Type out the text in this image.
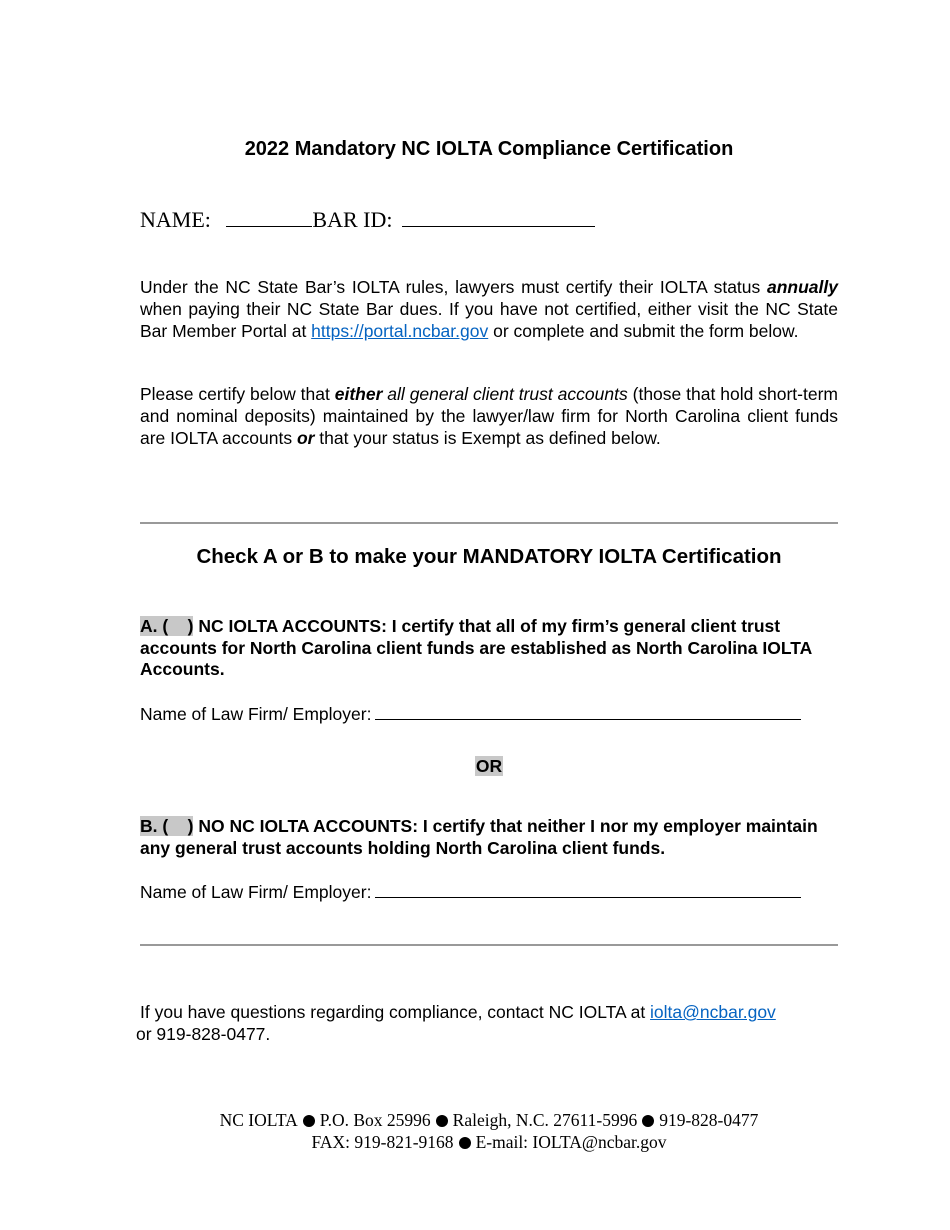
2022 Mandatory NC IOLTA Compliance Certification
NAME:	BAR ID:
Under the NC State Bar’s IOLTA rules, lawyers must certify their IOLTA status annually when paying their NC State Bar dues. If you have not certified, either visit the NC State Bar Member Portal at https://portal.ncbar.gov or complete and submit the form below.
Please certify below that either all general client trust accounts (those that hold short-term and nominal deposits) maintained by the lawyer/law firm for North Carolina client funds are IOLTA accounts or that your status is Exempt as defined below.
Check A or B to make your MANDATORY IOLTA Certification
A. (    ) NC IOLTA ACCOUNTS: I certify that all of my firm’s general client trust accounts for North Carolina client funds are established as North Carolina IOLTA Accounts.
Name of Law Firm/ Employer:
OR
B. (    ) NO NC IOLTA ACCOUNTS: I certify that neither I nor my employer maintain any general trust accounts holding North Carolina client funds.
Name of Law Firm/ Employer:
If you have questions regarding compliance, contact NC IOLTA at iolta@ncbar.gov
or 919-828-0477.
NC IOLTA P.O. Box 25996 Raleigh, N.C. 27611-5996 919-828-0477
FAX: 919-821-9168 E-mail: IOLTA@ncbar.gov
